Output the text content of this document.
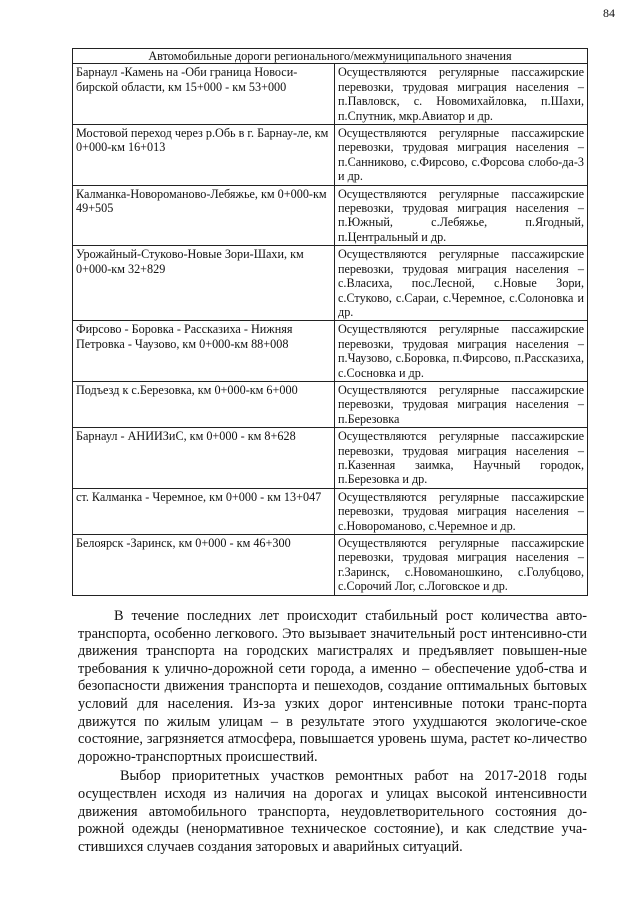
84
Автомобильные дороги регионального/межмуниципального значения	
Барнаул -Камень на -Оби граница Новоси-бирской области, км 15+000 - км 53+000	Осуществляются регулярные пассажирские перевозки, трудовая миграция населения – п.Павловск, с. Новомихайловка, п.Шахи, п.Спутник, мкр.Авиатор и др.
Мостовой переход через р.Обь в г. Барнау-ле, км 0+000-км 16+013	Осуществляются регулярные пассажирские перевозки, трудовая миграция населения – п.Санниково, с.Фирсово, с.Форсова слобо-да-3 и др.
Калманка-Новороманово-Лебяжье, км 0+000-км 49+505	Осуществляются регулярные пассажирские перевозки, трудовая миграция населения – п.Южный, с.Лебяжье, п.Ягодный, п.Центральный и др.
Урожайный-Стуково-Новые Зори-Шахи, км 0+000-км 32+829	Осуществляются регулярные пассажирские перевозки, трудовая миграция населения – с.Власиха, пос.Лесной, с.Новые Зори, с.Стуково, с.Сараи, с.Черемное, с.Солоновка и др.
Фирсово - Боровка - Рассказиха - Нижняя Петровка - Чаузово, км 0+000-км 88+008	Осуществляются регулярные пассажирские перевозки, трудовая миграция населения – п.Чаузово, с.Боровка, п.Фирсово, п.Рассказиха, с.Сосновка и др.
Подъезд к с.Березовка, км 0+000-км 6+000	Осуществляются регулярные пассажирские перевозки, трудовая миграция населения – п.Березовка
Барнаул - АНИИЗиС, км 0+000 - км 8+628	Осуществляются регулярные пассажирские перевозки, трудовая миграция населения – п.Казенная заимка, Научный городок, п.Березовка и др.
ст. Калманка - Черемное, км 0+000 - км 13+047	Осуществляются регулярные пассажирские перевозки, трудовая миграция населения – с.Новороманово, с.Черемное и др.
Белоярск -Заринск, км 0+000 - км 46+300	Осуществляются регулярные пассажирские перевозки, трудовая миграция населения – г.Заринск, с.Новоманошкино, с.Голубцово, с.Сорочий Лог, с.Логовское и др.

В течение последних лет происходит стабильный рост количества авто-транспорта, особенно легкового. Это вызывает значительный рост интенсивно-сти движения транспорта на городских магистралях и предъявляет повышен-ные требования к улично-дорожной сети города, а именно – обеспечение удоб-ства и безопасности движения транспорта и пешеходов, создание оптимальных бытовых условий для населения. Из-за узких дорог интенсивные потоки транс-порта движутся по жилым улицам – в результате этого ухудшаются экологиче-ское состояние, загрязняется атмосфера, повышается уровень шума, растет ко-личество дорожно-транспортных происшествий.

Выбор приоритетных участков ремонтных работ на 2017-2018 годы осуществлен исходя из наличия на дорогах и улицах высокой интенсивности движения автомобильного транспорта, неудовлетворительного состояния до-рожной одежды (ненормативное техническое состояние), и как следствие уча-стившихся случаев создания заторовых и аварийных ситуаций.
